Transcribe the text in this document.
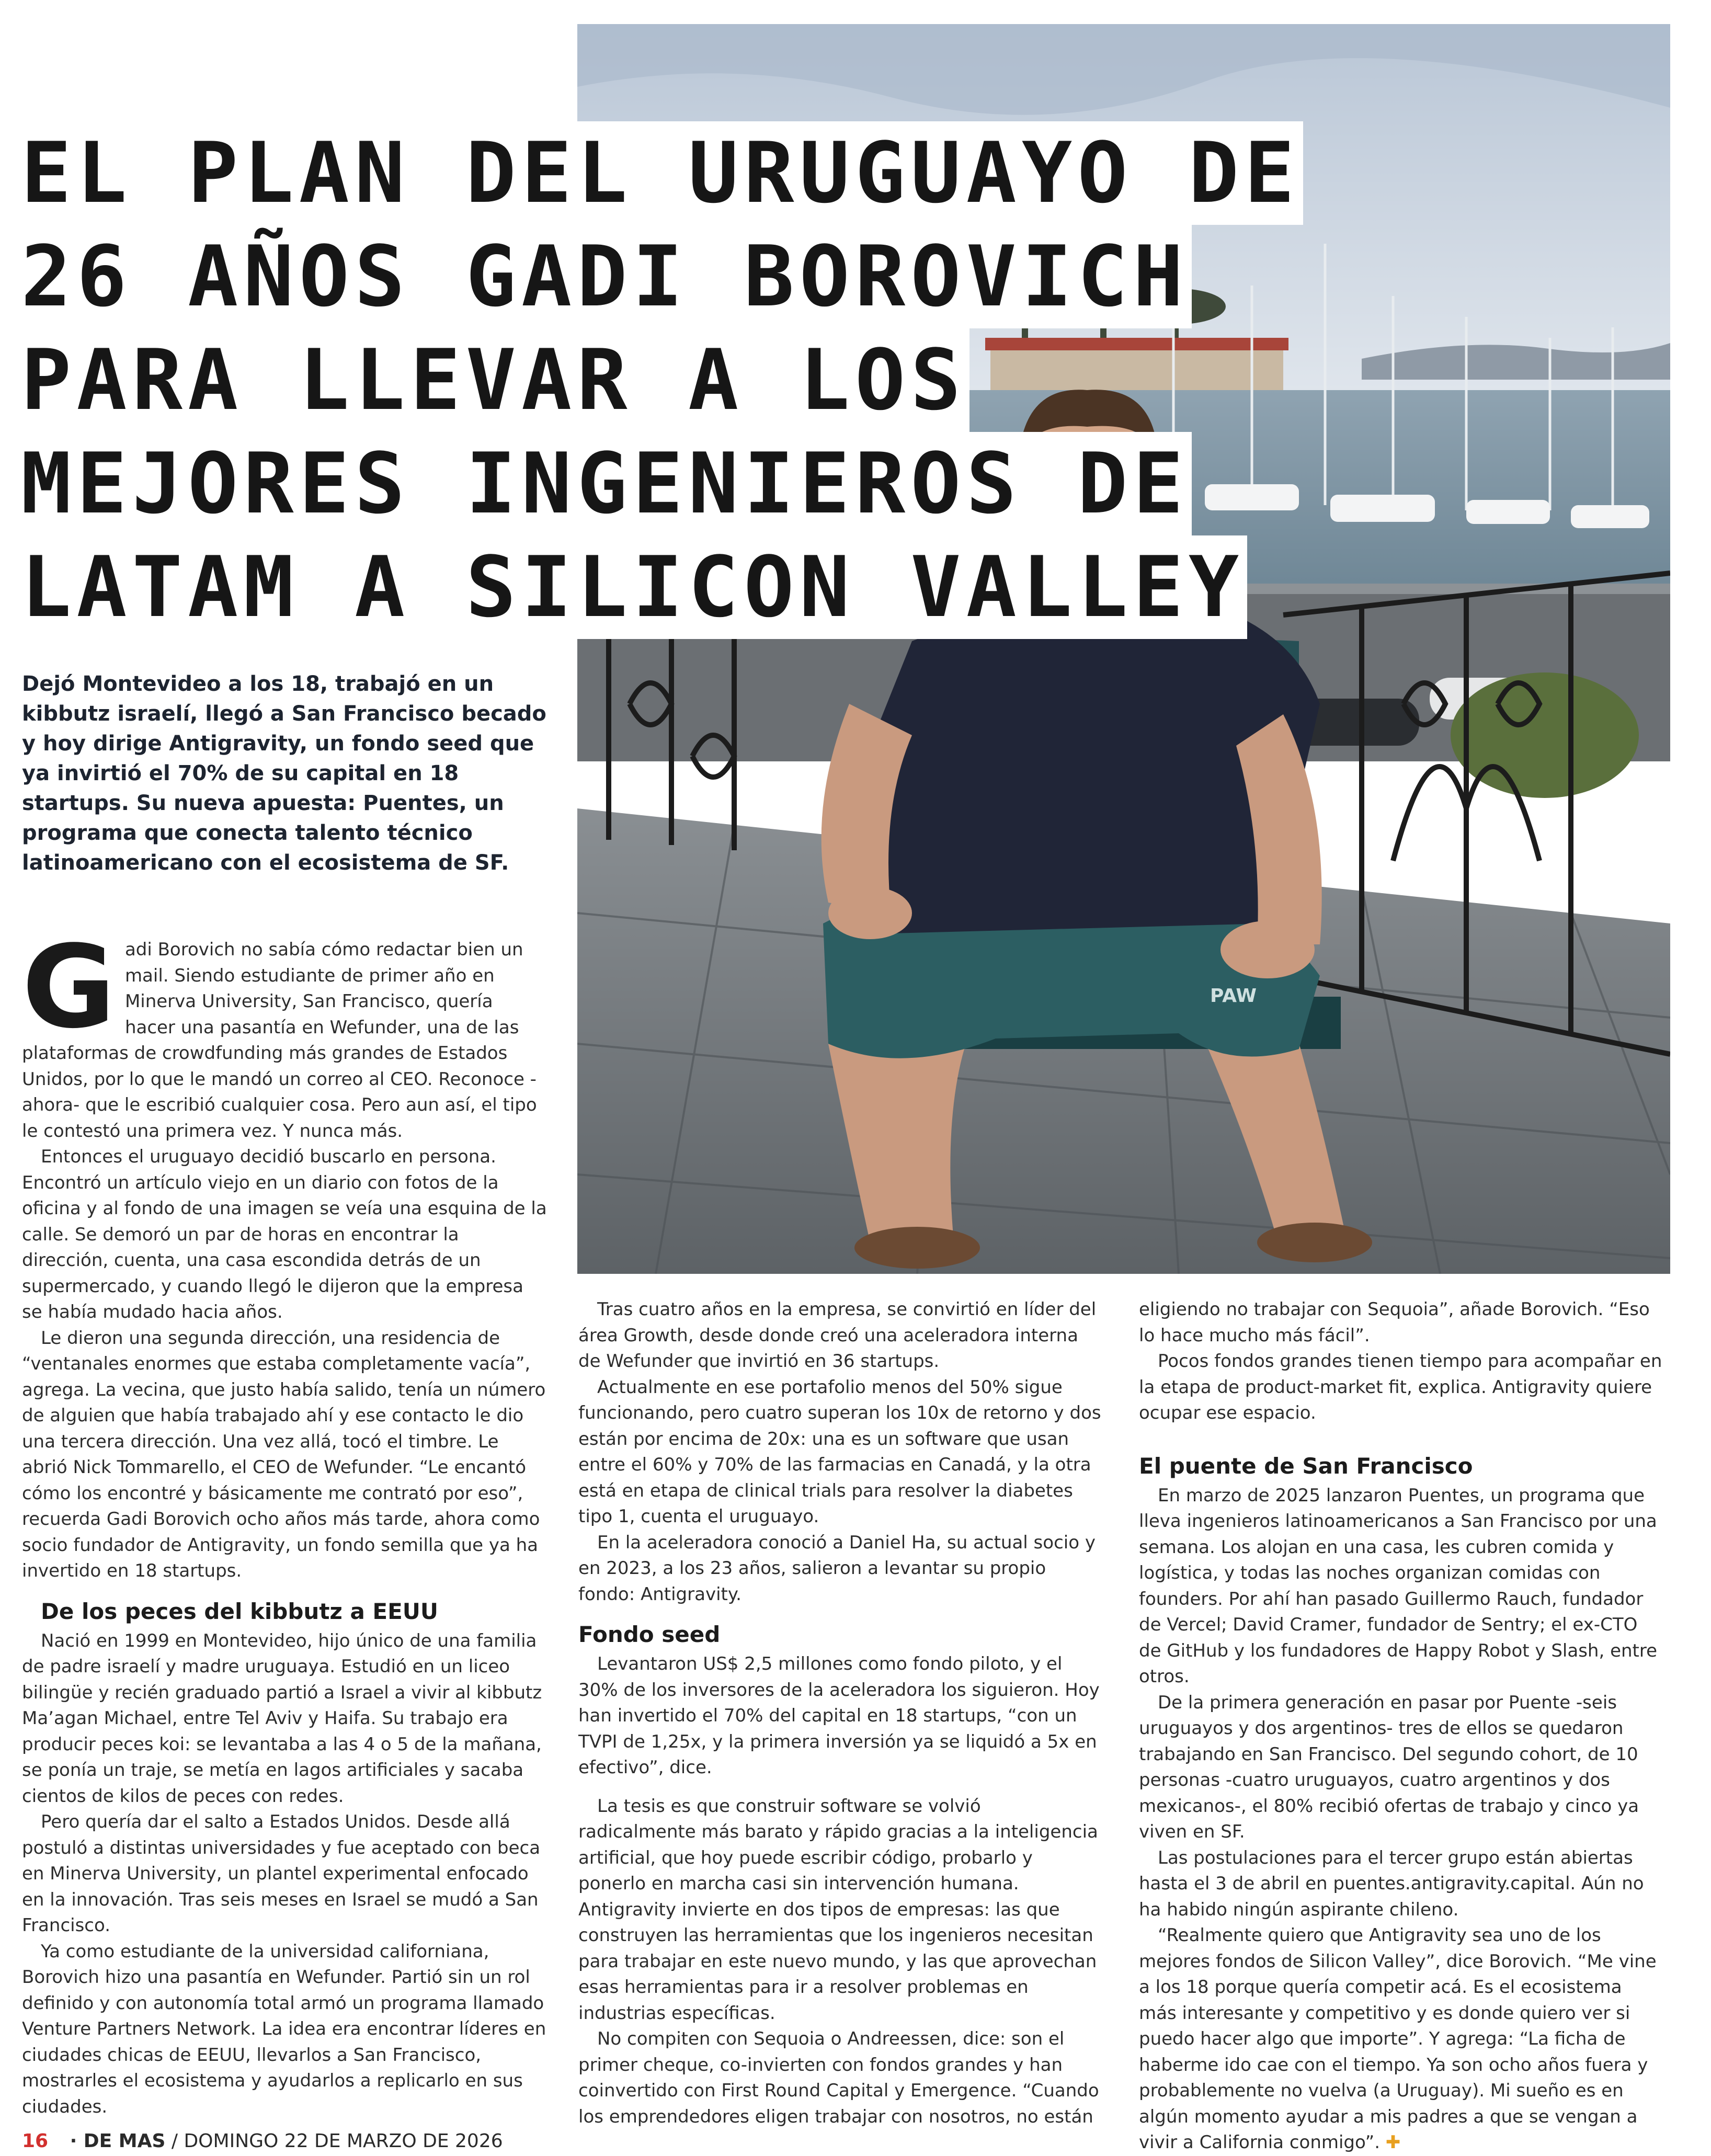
PAW
EL PLAN DEL URUGUAYO DE
26 AÑOS GADI BOROVICH
PARA LLEVAR A LOS
MEJORES INGENIEROS DE
LATAM A SILICON VALLEY
Dejó Montevideo a los 18, trabajó en un kibbutz israelí, llegó a San Francisco becado y hoy dirige Antigravity, un fondo seed que ya invirtió el 70% de su capital en 18 startups. Su nueva apuesta: Puentes, un programa que conecta talento técnico latinoamericano con el ecosistema de SF.

Gadi Borovich no sabía cómo redactar bien un mail. Siendo estudiante de primer año en Minerva University, San Francisco, quería hacer una pasantía en Wefunder, una de las plataformas de crowdfunding más grandes de Estados Unidos, por lo que le mandó un correo al CEO. Reconoce -ahora- que le escribió cualquier cosa. Pero aun así, el tipo le contestó una primera vez. Y nunca más.

Entonces el uruguayo decidió buscarlo en persona. Encontró un artículo viejo en un diario con fotos de la oficina y al fondo de una imagen se veía una esquina de la calle. Se demoró un par de horas en encontrar la dirección, cuenta, una casa escondida detrás de un supermercado, y cuando llegó le dijeron que la empresa se había mudado hacia años.

Le dieron una segunda dirección, una residencia de “ventanales enormes que estaba completamente vacía”, agrega. La vecina, que justo había salido, tenía un número de alguien que había trabajado ahí y ese contacto le dio una tercera dirección. Una vez allá, tocó el timbre. Le abrió Nick Tommarello, el CEO de Wefunder. “Le encantó cómo los encontré y básicamente me contrató por eso”, recuerda Gadi Borovich ocho años más tarde, ahora como socio fundador de Antigravity, un fondo semilla que ya ha invertido en 18 startups.

De los peces del kibbutz a EEUU

Nació en 1999 en Montevideo, hijo único de una familia de padre israelí y madre uruguaya. Estudió en un liceo bilingüe y recién graduado partió a Israel a vivir al kibbutz Ma’agan Michael, entre Tel Aviv y Haifa. Su trabajo era producir peces koi: se levantaba a las 4 o 5 de la mañana, se ponía un traje, se metía en lagos artificiales y sacaba cientos de kilos de peces con redes.

Pero quería dar el salto a Estados Unidos. Desde allá postuló a distintas universidades y fue aceptado con beca en Minerva University, un plantel experimental enfocado en la innovación. Tras seis meses en Israel se mudó a San Francisco.

Ya como estudiante de la universidad californiana, Borovich hizo una pasantía en Wefunder. Partió sin un rol definido y con autonomía total armó un programa llamado Venture Partners Network. La idea era encontrar líderes en ciudades chicas de EEUU, llevarlos a San Francisco, mostrarles el ecosistema y ayudarlos a replicarlo en sus ciudades.

Tras cuatro años en la empresa, se convirtió en líder del área Growth, desde donde creó una aceleradora interna de Wefunder que invirtió en 36 startups.

Actualmente en ese portafolio menos del 50% sigue funcionando, pero cuatro superan los 10x de retorno y dos están por encima de 20x: una es un software que usan entre el 60% y 70% de las farmacias en Canadá, y la otra está en etapa de clinical trials para resolver la diabetes tipo 1, cuenta el uruguayo.

En la aceleradora conoció a Daniel Ha, su actual socio y en 2023, a los 23 años, salieron a levantar su propio fondo: Antigravity.

Fondo seed

Levantaron US$ 2,5 millones como fondo piloto, y el 30% de los inversores de la aceleradora los siguieron. Hoy han invertido el 70% del capital en 18 startups, “con un TVPI de 1,25x, y la primera inversión ya se liquidó a 5x en efectivo”, dice.

La tesis es que construir software se volvió radicalmente más barato y rápido gracias a la inteligencia artificial, que hoy puede escribir código, probarlo y ponerlo en marcha casi sin intervención humana. Antigravity invierte en dos tipos de empresas: las que construyen las herramientas que los ingenieros necesitan para trabajar en este nuevo mundo, y las que aprovechan esas herramientas para ir a resolver problemas en industrias específicas.

No compiten con Sequoia o Andreessen, dice: son el primer cheque, co-invierten con fondos grandes y han coinvertido con First Round Capital y Emergence. “Cuando los emprendedores eligen trabajar con nosotros, no están

eligiendo no trabajar con Sequoia”, añade Borovich. “Eso lo hace mucho más fácil”.

Pocos fondos grandes tienen tiempo para acompañar en la etapa de product-market fit, explica. Antigravity quiere ocupar ese espacio.

El puente de San Francisco

En marzo de 2025 lanzaron Puentes, un programa que lleva ingenieros latinoamericanos a San Francisco por una semana. Los alojan en una casa, les cubren comida y logística, y todas las noches organizan comidas con founders. Por ahí han pasado Guillermo Rauch, fundador de Vercel; David Cramer, fundador de Sentry; el ex-CTO de GitHub y los fundadores de Happy Robot y Slash, entre otros.

De la primera generación en pasar por Puente -seis uruguayos y dos argentinos- tres de ellos se quedaron trabajando en San Francisco. Del segundo cohort, de 10 personas -cuatro uruguayos, cuatro argentinos y dos mexicanos-, el 80% recibió ofertas de trabajo y cinco ya viven en SF.

Las postulaciones para el tercer grupo están abiertas hasta el 3 de abril en puentes.antigravity.capital. Aún no ha habido ningún aspirante chileno.

“Realmente quiero que Antigravity sea uno de los mejores fondos de Silicon Valley”, dice Borovich. “Me vine a los 18 porque quería competir acá. Es el ecosistema más interesante y competitivo y es donde quiero ver si puedo hacer algo que importe”. Y agrega: “La ficha de haberme ido cae con el tiempo. Ya son ocho años fuera y probablemente no vuelva (a Uruguay). Mi sueño es en algún momento ayudar a mis padres a que se vengan a vivir a California conmigo”. ✚

16 · DE MAS / DOMINGO 22 DE MARZO DE 2026
